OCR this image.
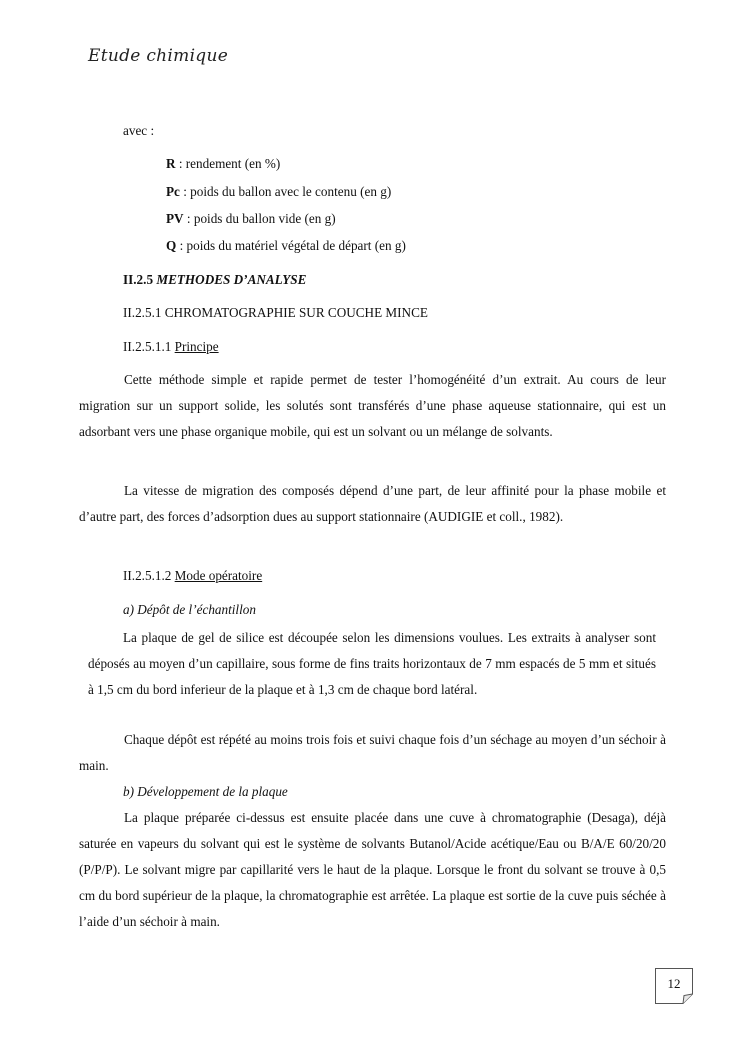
Etude chimique
avec :
R : rendement (en %)
Pc : poids du ballon avec le contenu (en g)
PV : poids du ballon vide (en g)
Q : poids du matériel végétal de départ (en g)
II.2.5 METHODES D’ANALYSE
II.2.5.1 CHROMATOGRAPHIE SUR COUCHE MINCE
II.2.5.1.1 Principe
Cette méthode simple et rapide permet de tester l’homogénéité d’un extrait. Au cours de leur migration sur un support solide, les solutés sont transférés d’une phase aqueuse stationnaire, qui est un adsorbant vers une phase organique mobile, qui est un solvant ou un mélange de solvants.
La vitesse de migration des composés dépend d’une part, de leur affinité pour la phase mobile et d’autre part, des forces d’adsorption dues au support stationnaire (AUDIGIE et coll., 1982).
II.2.5.1.2 Mode opératoire
a) Dépôt de l’échantillon
La plaque de gel de silice est découpée selon les dimensions voulues. Les extraits à analyser sont déposés au moyen d’un capillaire, sous forme de fins traits horizontaux de 7 mm espacés de 5 mm et situés à 1,5 cm du bord inferieur de la plaque et à 1,3 cm de chaque bord latéral.
Chaque dépôt est répété au moins trois fois et suivi chaque fois d’un séchage au moyen d’un séchoir à main.
b) Développement de la plaque
La plaque préparée ci-dessus est ensuite placée dans une cuve à chromatographie (Desaga), déjà saturée en vapeurs du solvant qui est le système de solvants Butanol/Acide acétique/Eau ou B/A/E 60/20/20 (P/P/P). Le solvant migre par capillarité vers le haut de la plaque. Lorsque le front du solvant se trouve à 0,5 cm du bord supérieur de la plaque, la chromatographie est arrêtée. La plaque est sortie de la cuve puis séchée à l’aide d’un séchoir à main.
12
